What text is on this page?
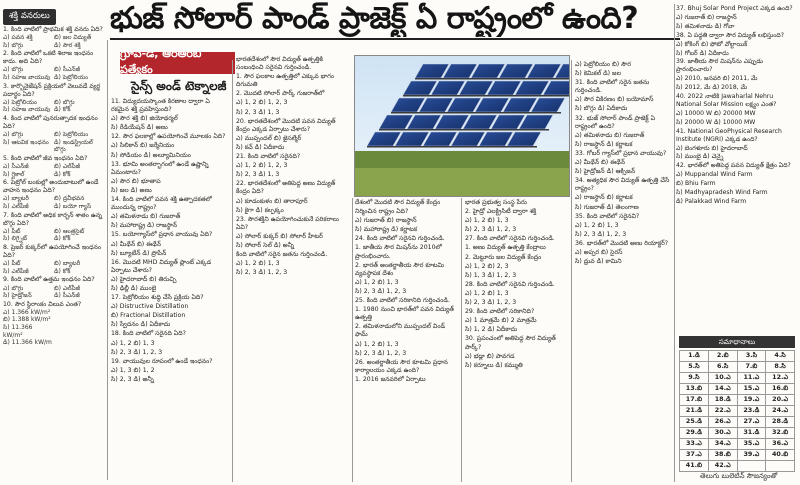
శక్తి వనరులు
1. కింది వాటిలో ప్రాథమిక శక్తి వనరు ఏది?
ఎ) పవన శక్తి	బి) జల విద్యుత్
సి) బొగ్గు	డి) సౌర శక్తి
2. కింది వాటిలో ఒకటి శిలాజ ఇంధనం కాదు. అది ఏది?
ఎ) బొగ్గు	బి) సీఎన్‌జీ
సి) సహజ వాయువు డి) పెట్రోలియం
3. కార్బొనైజేషన్ ప్రక్రియలో వెలువడే వ్యర్థ పదార్థం ఏది?
ఎ) పెట్రోలియం	బి) బొగ్గు
సి) సహజ వాయువు డి) కోక్
4. కింద వాటిలో పునరుత్పాదక ఇంధనం ఏది?
ఎ) బొగ్గు	బి) పెట్రోలియం
సి) ఆటవిక ఇంధనం డి) ఇండస్ట్రియల్ బొగ్గు
5. కింది వాటిలో జీవ ఇంధనం ఏది?
ఎ) సీఎన్‌జీ	బి) ఎల్‌పీజీ
సి) గ్లైకాల్	డి) కోక్
6. పెట్రోల్ బంకుల్లో అందుబాటులో ఉండే వాహన ఇంధనం ఏది?
ఎ) బ్యాటరీ	బి) ద్రవీభవన
సి) ఎల్‌పీజీ	డి) బయో గ్యాస్
7. కింది వాటిలో అధిక కార్బన్ శాతం ఉన్న బొగ్గు ఏది?
ఎ) పీట్	బి) ఆంత్రసైట్
సి) లిగ్నైట్	డి) కోక్
8. ప్రెజర్ కుక్కర్‌లో ఉపయోగించే ఇంధనం ఏది?
ఎ) పీట్	బి) బ్యాటరీ
సి) ఎల్‌పీజీ	డి) కోక్
9. కింది వాటిలో ఉత్తమ ఇంధనం ఏది?
ఎ) బొగ్గు	బి) ఎల్‌పీజీ
సి) హైడ్రోజన్	డి) సీఎన్‌జీ
10. సౌర స్థిరాంకం విలువ ఎంత?
ఎ) 1.366 kW/m²
బి) 1.388 kW/m²
సి) 11.366 kW/m²
డి) 11.366 kW/m
భుజ్ సోలార్ పాండ్ ప్రాజెక్ట్ ఏ రాష్ట్రంలో ఉంది?
గ్రూప్-డి, ఆర్ఆర్‌బీ ప్రత్యేకం
సైన్స్ అండ్ టెక్నాలజీ
11. విద్యుదయస్కాంత కిరణాల ద్వారా ఏ రకమైన శక్తి ప్రవహిస్తుంది?
ఎ) సౌర శక్తి బి) జియోథర్మల్
సి) రేడియేషన్ డి) అణు
12. సౌర ఫలకాల్లో ఉపయోగించే మూలకం ఏది?
ఎ) సిలికాన్ బి) జర్మేనియం
సి) సోడియం డి) అల్యూమినియం
13. భూమి అంతర్భాగంలో ఉండే ఉష్ణాన్ని ఏమంటారు?
ఎ) సౌర బి) భూతాప
సి) జల డి) అణు
14. కింది వాటిలో పవన శక్తి ఉత్పాదకతలో ముందున్న రాష్ట్రం?
ఎ) తమిళనాడు బి) గుజరాత్
సి) మహారాష్ట్ర డి) రాజస్థాన్
15. బయోగ్యాస్‌లో ప్రధాన వాయువు ఏది?
ఎ) మీథేన్ బి) ఈథేన్
సి) బ్యూటేన్ డి) ప్రొపేన్
16. మొదటి MHD విద్యుత్ ప్లాంట్ ఎక్కడ ఏర్పాటు చేశారు?
ఎ) హైదరాబాద్ బి) తిరుచ్చి
సి) ఢిల్లీ డి) ముంబై
17. పెట్రోలియం శుద్ధి చేసే ప్రక్రియ ఏది?
ఎ) Distructive Distillation
బి) Fractional Distillation
సి) స్వేదనం డి) ఏదీకాదు
18. కింది వాటిలో సరైనది ఏది?
ఎ) 1, 2 బి) 1, 3
సి) 2, 3 డి) 1, 2, 3
19. వాయువుల రూపంలో ఉండే ఇంధనం?
ఎ) 1, 3 బి) 1, 2
సి) 2, 3 డి) అన్నీ
భారతదేశంలో సౌర విద్యుత్ ఉత్పత్తికి సంబంధించి సరైనవి గుర్తించండి.
1. సౌర ఫలకాల ఉత్పత్తిలో ఎక్కువ భాగం దిగుమతి
2. మొదటి సోలార్ పార్క్ గుజరాత్‌లో
ఎ) 1, 2 బి) 1, 2, 3
సి) 2, 3 డి) 1, 3
20. భారతదేశంలో మొదటి పవన విద్యుత్ కేంద్రం ఎక్కడ ఏర్పాటు చేశారు?
ఎ) ముప్పందల్ బి) జైసల్మేర్
సి) కచ్ డి) ఏదీకాదు
21. కింది వాటిలో సరైనది?
ఎ) 1, 2 బి) 1, 2, 3
సి) 2, 3 డి) 1, 3
22. భారతదేశంలో అతిపెద్ద అణు విద్యుత్ కేంద్రం ఏది?
ఎ) కూడంకుళం బి) తారాపూర్
సి) కైగా డి) కల్పక్కం
23. సౌరశక్తిని ఉపయోగించుకునే పరికరాలు ఏవి?
ఎ) సోలార్ కుక్కర్ బి) సోలార్ హీటర్
సి) సోలార్ సెల్ డి) అన్నీ
కింది వాటిలో సరైన జతను గుర్తించండి.
ఎ) 1, 2 బి) 1, 3
సి) 2, 3 డి) 1, 2, 3
దేశంలో మొదటి సౌర విద్యుత్ కేంద్రం
నిర్మించిన రాష్ట్రం ఏది?
ఎ) గుజరాత్ బి) రాజస్థాన్
సి) మహారాష్ట్ర డి) కర్ణాటక
24. కింది వాటిలో సరైనవి గుర్తించండి.
1. జాతీయ సౌర మిషన్‌ను 2010లో ప్రారంభించారు.
2. భారత్ అంతర్జాతీయ సౌర కూటమి వ్యవస్థాపక దేశం
ఎ) 1, 2 బి) 1, 3
సి) 2, 3 డి) 1, 2, 3
25. కింది వాటిలో సరికానిది గుర్తించండి.
1. 1980 నుంచి భారత్‌లో పవన విద్యుత్ ఉత్పత్తి
2. తమిళనాడులోని ముప్పందల్ విండ్ ఫామ్
ఎ) 1, 2 బి) 1, 3
సి) 2, 3 డి) 1, 2, 3
26. అంతర్జాతీయ సౌర కూటమి ప్రధాన కార్యాలయం ఎక్కడ ఉంది?
1. 2016 జనవరిలో ఏర్పాటు
భారత ప్రభుత్వ సంస్థ పేరు
2. హైడ్రో ఎలక్ట్రిసిటీ ద్వారా శక్తి
ఎ) 1, 2 బి) 1, 3
సి) 2, 3 డి) 1, 2, 3
27. కింది వాటిలో సరైనవి గుర్తించండి.
1. అణు విద్యుత్ ఉత్పత్తి కేంద్రాలు
2. మెట్టూరు జల విద్యుత్ కేంద్రం
ఎ) 1, 2 బి) 2, 3
సి) 1, 3 డి) 1, 2, 3
28. కింది వాటిలో సరైనవి గుర్తించండి.
ఎ) 1, 2 బి) 1, 3
సి) 2, 3 డి) 1, 2, 3
29. కింది వాటిలో సరికానిది?
ఎ) 1 మాత్రమే బి) 2 మాత్రమే
సి) 1, 2 డి) ఏదీకాదు
30. ప్రపంచంలో అతిపెద్ద సౌర విద్యుత్ పార్క్?
ఎ) భడ్లా బి) పావగడ
సి) కర్నూలు డి) కమ్ముతి
ఎ) పెట్రోలియం బి) సౌర
సి) కెమికల్ డి) జల
31. కింది వాటిలో సరైన జతను గుర్తించండి.
ఎ) సౌర వికిరణం బి) బయోమాస్
సి) బొగ్గు డి) ఏదీకాదు
32. భుజ్ సోలార్ పాండ్ ప్రాజెక్ట్ ఏ రాష్ట్రంలో ఉంది?
ఎ) తమిళనాడు బి) గుజరాత్
సి) రాజస్థాన్ డి) కర్ణాటక
33. గోబర్ గ్యాస్‌లో ప్రధాన వాయువు?
ఎ) మీథేన్ బి) ఈథేన్
సి) హైడ్రోజన్ డి) ఆక్సిజన్
34. అత్యధిక సౌర విద్యుత్ ఉత్పత్తి చేసే రాష్ట్రం?
ఎ) రాజస్థాన్ బి) కర్ణాటక
సి) గుజరాత్ డి) తెలంగాణ
35. కింది వాటిలో సరైనవి?
ఎ) 1, 2 బి) 1, 3
సి) 2, 3 డి) 1, 2, 3
36. భారత్‌లో మొదటి అణు రియాక్టర్?
ఎ) అప్సర బి) సైరస్
సి) ధ్రువ డి) కామిని
37. Bhuj Solar Pond Project ఎక్కడ ఉంది?
ఎ) గుజరాత్ బి) రాజస్థాన్
సి) తమిళనాడు డి) గోవా
38. ఏ పద్ధతి ద్వారా సౌర విద్యుత్ లభిస్తుంది?
ఎ) కోకింగ్ బి) ఫోటో వోల్టాయిక్
సి) గోబర్ డి) ఏదీకాదు
39. జాతీయ సౌర మిషన్‌ను ఎప్పుడు ప్రారంభించారు?
ఎ) 2010, జనవరి బి) 2011, మే
సి) 2012, మే డి) 2018, మే
40. 2022 నాటికి Jawaharlal Nehru National Solar Mission లక్ష్యం ఎంత?
ఎ) 10000 W బి) 20000 MW
సి) 20000 W డి) 10000 MW
41. National GeoPhysical Research Institute (NGRI) ఎక్కడ ఉంది?
ఎ) బెంగళూరు బి) హైదరాబాద్
సి) ముంబై డి) చెన్నై
42. భారత్‌లో అతిపెద్ద పవన విద్యుత్ క్షేత్రం ఏది?
ఎ) Muppandal Wind Farm
బి) Bhiu Farm
సి) Madhyapradesh Wind Farm
డి) Palakkad Wind Farm
సమాధానాలు
1.డి	2.బి	3.సి	4.సి
5.సి	6.సి	7.బి	8.సి
9.సి	10.ఎ	11.ఎ	12.ఎ
13.బి	14.ఎ	15.ఎ	16.బి
17.బి	18.డి	19.ఎ	20.ఎ
21.డి	22.ఎ	23.డి	24.ఎ
25.డి	26.ఎ	27.ఎ	28.డి
29.డి	30.ఎ	31.డి	32.బి
33.ఎ	34.ఎ	35.ఎ	36.ఎ
37.ఎ	38.బి	39.ఎ	40.బి
41.బి	42.ఎ		
తెలుగు బులెటిన్ సౌజన్యంతో
